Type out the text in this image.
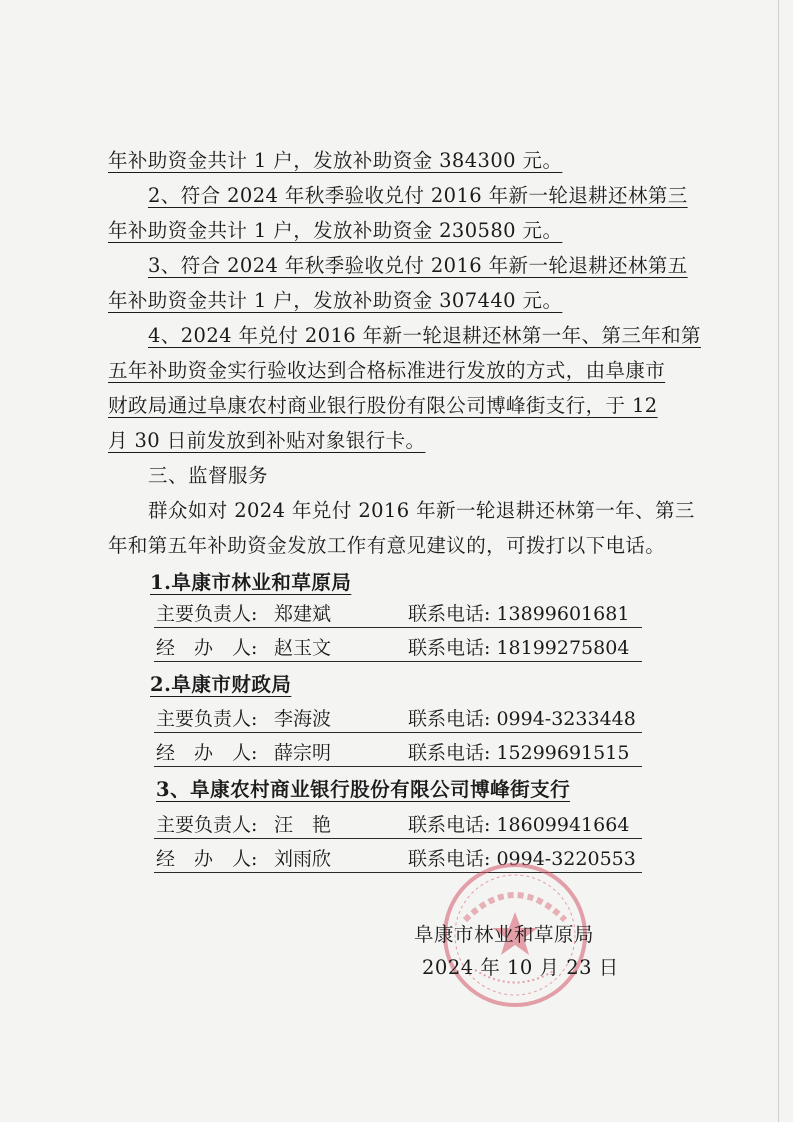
年补助资金共计 1 户，发放补助资金 384300 元。
2、符合 2024 年秋季验收兑付 2016 年新一轮退耕还林第三
年补助资金共计 1 户，发放补助资金 230580 元。
3、符合 2024 年秋季验收兑付 2016 年新一轮退耕还林第五
年补助资金共计 1 户，发放补助资金 307440 元。
4、2024 年兑付 2016 年新一轮退耕还林第一年、第三年和第
五年补助资金实行验收达到合格标准进行发放的方式，由阜康市
财政局通过阜康农村商业银行股份有限公司博峰街支行，于 12
月 30 日前发放到补贴对象银行卡。
三、监督服务
群众如对 2024 年兑付 2016 年新一轮退耕还林第一年、第三
年和第五年补助资金发放工作有意见建议的，可拨打以下电话。
1.阜康市林业和草原局
主要负责人: 郑建斌	联系电话: 13899601681
经　办　人: 赵玉文	联系电话: 18199275804
2.阜康市财政局
主要负责人: 李海波	联系电话: 0994-3233448
经　办　人: 薛宗明	联系电话: 15299691515
3、阜康农村商业银行股份有限公司博峰街支行
主要负责人: 汪　艳	联系电话: 18609941664
经　办　人: 刘雨欣	联系电话: 0994-3220553
阜康市林业和草原局
2024 年 10 月 23 日
